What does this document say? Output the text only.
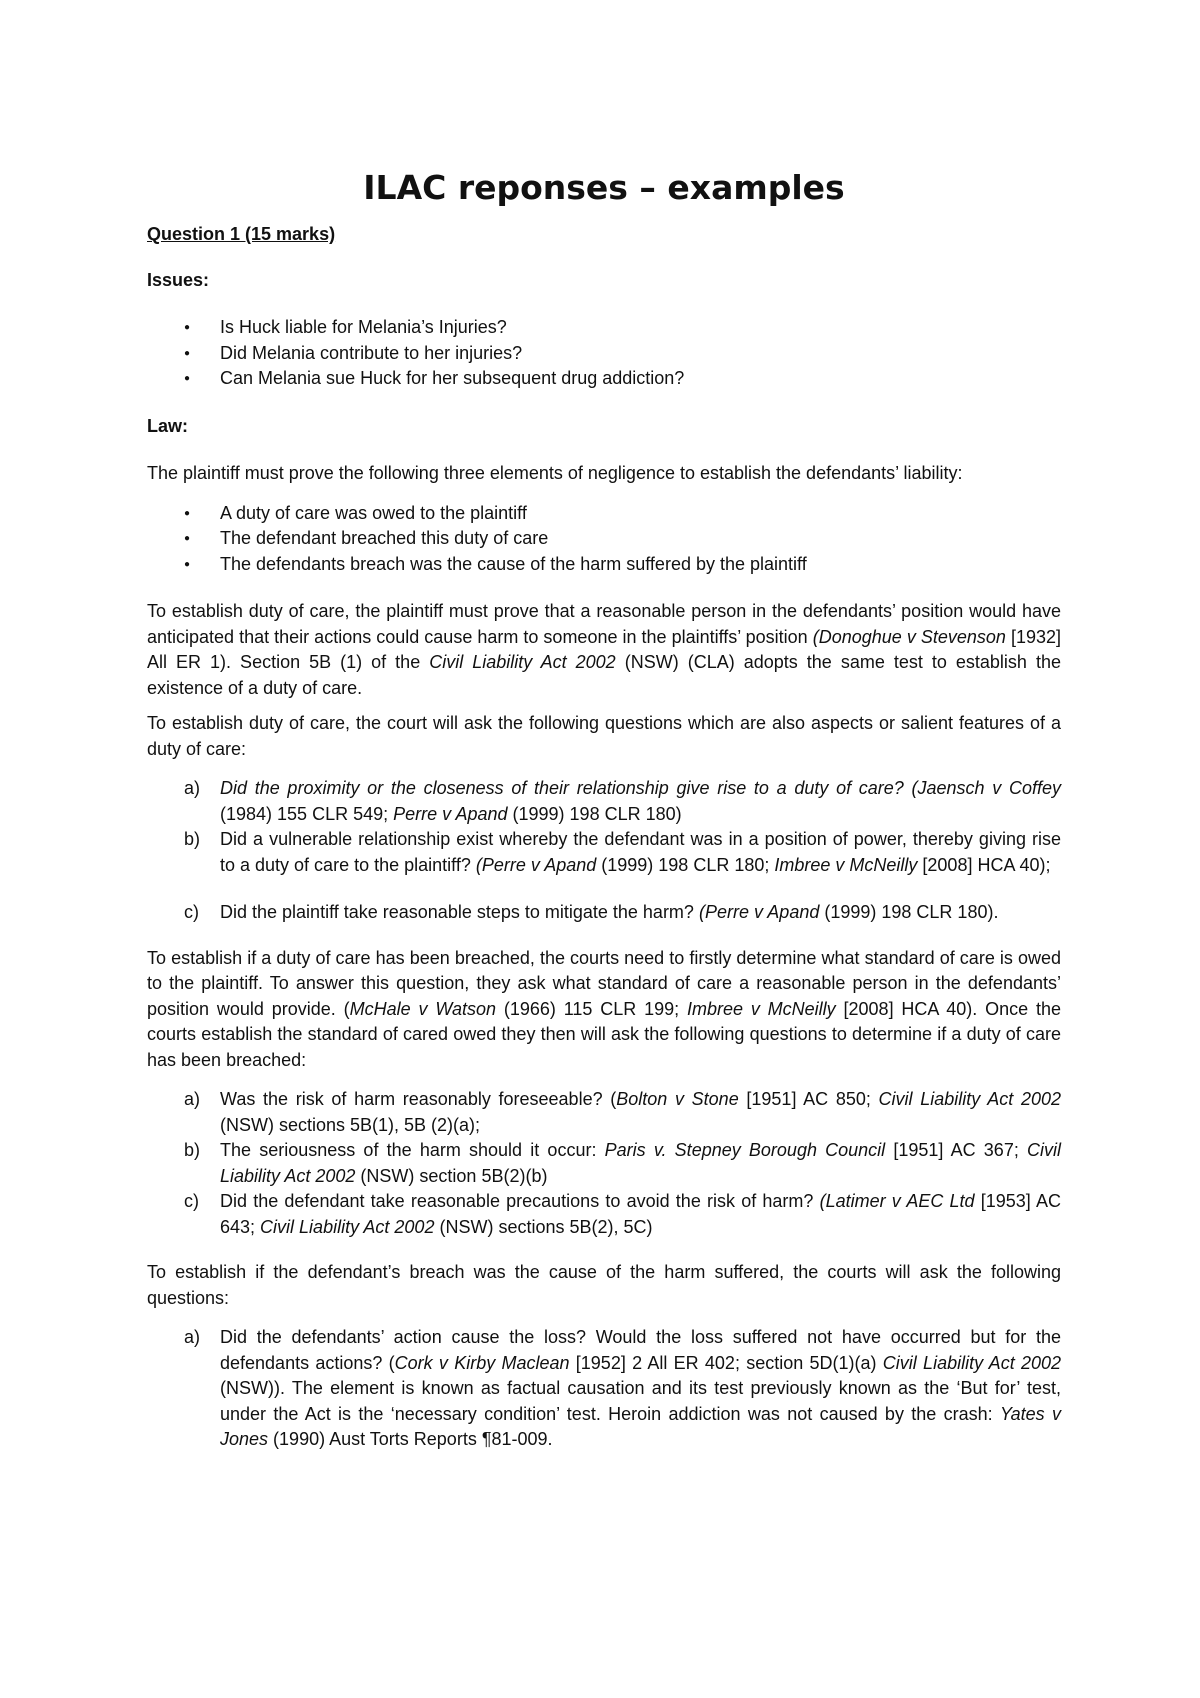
ILAC reponses – examples

Question 1 (15 marks)

Issues:

● Is Huck liable for Melania’s Injuries?
● Did Melania contribute to her injuries?
● Can Melania sue Huck for her subsequent drug addiction?

Law:

The plaintiff must prove the following three elements of negligence to establish the defendants’ liability:

● A duty of care was owed to the plaintiff
● The defendant breached this duty of care
● The defendants breach was the cause of the harm suffered by the plaintiff

To establish duty of care, the plaintiff must prove that a reasonable person in the defendants’ position would have anticipated that their actions could cause harm to someone in the plaintiffs’ position (Donoghue v Stevenson [1932] All ER 1). Section 5B (1) of the Civil Liability Act 2002 (NSW) (CLA) adopts the same test to establish the existence of a duty of care.

To establish duty of care, the court will ask the following questions which are also aspects or salient features of a duty of care:

a) Did the proximity or the closeness of their relationship give rise to a duty of care? (Jaensch v Coffey (1984) 155 CLR 549; Perre v Apand (1999) 198 CLR 180)
b) Did a vulnerable relationship exist whereby the defendant was in a position of power, thereby giving rise to a duty of care to the plaintiff? (Perre v Apand (1999) 198 CLR 180; Imbree v McNeilly [2008] HCA 40);
c) Did the plaintiff take reasonable steps to mitigate the harm? (Perre v Apand (1999) 198 CLR 180).

To establish if a duty of care has been breached, the courts need to firstly determine what standard of care is owed to the plaintiff. To answer this question, they ask what standard of care a reasonable person in the defendants’ position would provide. (McHale v Watson (1966) 115 CLR 199; Imbree v McNeilly [2008] HCA 40). Once the courts establish the standard of cared owed they then will ask the following questions to determine if a duty of care has been breached:

a) Was the risk of harm reasonably foreseeable? (Bolton v Stone [1951] AC 850; Civil Liability Act 2002 (NSW) sections 5B(1), 5B (2)(a);
b) The seriousness of the harm should it occur: Paris v. Stepney Borough Council [1951] AC 367; Civil Liability Act 2002 (NSW) section 5B(2)(b)
c) Did the defendant take reasonable precautions to avoid the risk of harm? (Latimer v AEC Ltd [1953] AC 643; Civil Liability Act 2002 (NSW) sections 5B(2), 5C)

To establish if the defendant’s breach was the cause of the harm suffered, the courts will ask the following questions:

a) Did the defendants’ action cause the loss? Would the loss suffered not have occurred but for the defendants actions? (Cork v Kirby Maclean [1952] 2 All ER 402; section 5D(1)(a) Civil Liability Act 2002 (NSW)). The element is known as factual causation and its test previously known as the ‘But for’ test, under the Act is the ‘necessary condition’ test. Heroin addiction was not caused by the crash: Yates v Jones (1990) Aust Torts Reports ¶81-009.
